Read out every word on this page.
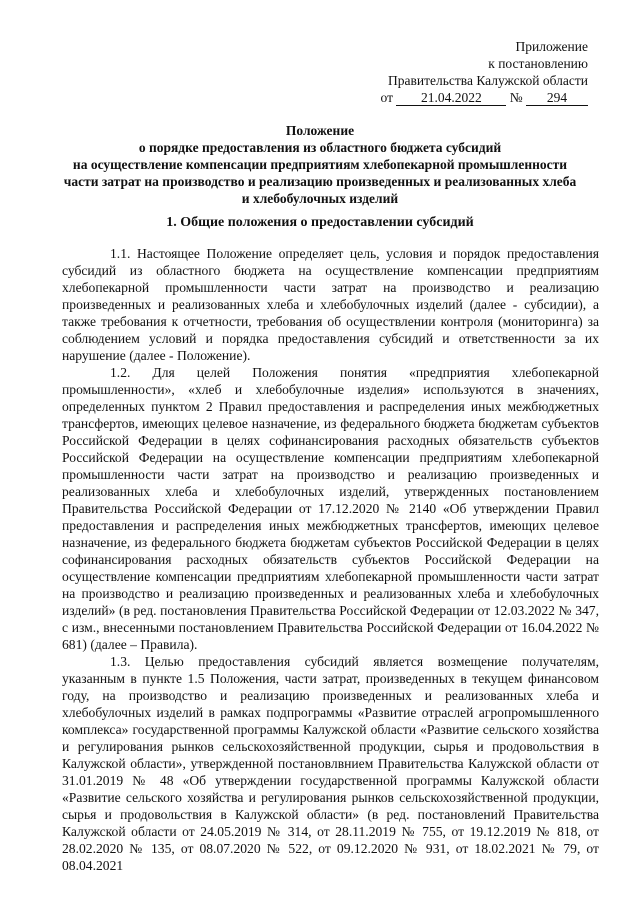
Приложение
к постановлению
Правительства Калужской области
от 21.04.2022 № 294
Положение
о порядке предоставления из областного бюджета субсидий
на осуществление компенсации предприятиям хлебопекарной промышленности
части затрат на производство и реализацию произведенных и реализованных хлеба
и хлебобулочных изделий
1. Общие положения о предоставлении субсидий

1.1. Настоящее Положение определяет цель, условия и порядок предоставления субсидий из областного бюджета на осуществление компенсации предприятиям хлебопекарной промышленности части затрат на производство и реализацию произведенных и реализованных хлеба и хлебобулочных изделий (далее - субсидии), а также требования к отчетности, требования об осуществлении контроля (мониторинга) за соблюдением условий и порядка предоставления субсидий и ответственности за их нарушение (далее - Положение).

1.2. Для целей Положения понятия «предприятия хлебопекарной промышленности», «хлеб и хлебобулочные изделия» используются в значениях, определенных пунктом 2 Правил предоставления и распределения иных межбюджетных трансфертов, имеющих целевое назначение, из федерального бюджета бюджетам субъектов Российской Федерации в целях софинансирования расходных обязательств субъектов Российской Федерации на осуществление компенсации предприятиям хлебопекарной промышленности части затрат на производство и реализацию произведенных и реализованных хлеба и хлебобулочных изделий, утвержденных постановлением Правительства Российской Федерации от 17.12.2020 № 2140 «Об утверждении Правил предоставления и распределения иных межбюджетных трансфертов, имеющих целевое назначение, из федерального бюджета бюджетам субъектов Российской Федерации в целях софинансирования расходных обязательств субъектов Российской Федерации на осуществление компенсации предприятиям хлебопекарной промышленности части затрат на производство и реализацию произведенных и реализованных хлеба и хлебобулочных изделий» (в ред. постановления Правительства Российской Федерации от 12.03.2022 № 347, с изм., внесенными постановлением Правительства Российской Федерации от 16.04.2022 № 681) (далее – Правила).

1.3. Целью предоставления субсидий является возмещение получателям, указанным в пункте 1.5 Положения, части затрат, произведенных в текущем финансовом году, на производство и реализацию произведенных и реализованных хлеба и хлебобулочных изделий в рамках подпрограммы «Развитие отраслей агропромышленного комплекса» государственной программы Калужской области «Развитие сельского хозяйства и регулирования рынков сельскохозяйственной продукции, сырья и продовольствия в Калужской области», утвержденной постановлвнием Правительства Калужской области от 31.01.2019 № 48 «Об утверждении государственной программы Калужской области «Развитие сельского хозяйства и регулирования рынков сельскохозяйственной продукции, сырья и продовольствия в Калужской области» (в ред. постановлений Правительства Калужской области от 24.05.2019 № 314, от 28.11.2019 № 755, от 19.12.2019 № 818, от 28.02.2020 № 135, от 08.07.2020 № 522, от 09.12.2020 № 931, от 18.02.2021 № 79, от 08.04.2021
